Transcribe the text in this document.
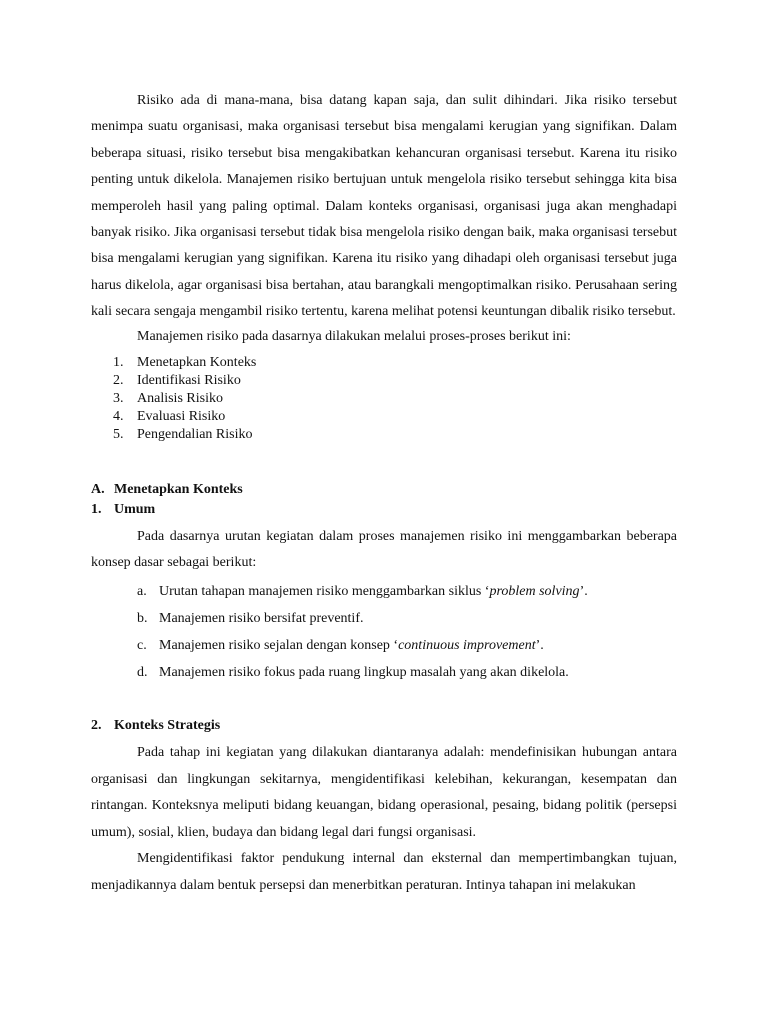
Risiko ada di mana-mana, bisa datang kapan saja, dan sulit dihindari. Jika risiko tersebut menimpa suatu organisasi, maka organisasi tersebut bisa mengalami kerugian yang signifikan. Dalam beberapa situasi, risiko tersebut bisa mengakibatkan kehancuran organisasi tersebut. Karena itu risiko penting untuk dikelola. Manajemen risiko bertujuan untuk mengelola risiko tersebut sehingga kita bisa memperoleh hasil yang paling optimal. Dalam konteks organisasi, organisasi juga akan menghadapi banyak risiko. Jika organisasi tersebut tidak bisa mengelola risiko dengan baik, maka organisasi tersebut bisa mengalami kerugian yang signifikan. Karena itu risiko yang dihadapi oleh organisasi tersebut juga harus dikelola, agar organisasi bisa bertahan, atau barangkali mengoptimalkan risiko. Perusahaan sering kali secara sengaja mengambil risiko tertentu, karena melihat potensi keuntungan dibalik risiko tersebut.

Manajemen risiko pada dasarnya dilakukan melalui proses-proses berikut ini:

1. Menetapkan Konteks
2. Identifikasi Risiko
3. Analisis Risiko
4. Evaluasi Risiko
5. Pengendalian Risiko

A. Menetapkan Konteks

1. Umum

Pada dasarnya urutan kegiatan dalam proses manajemen risiko ini menggambarkan beberapa konsep dasar sebagai berikut:

a. Urutan tahapan manajemen risiko menggambarkan siklus ‘problem solving’.
b. Manajemen risiko bersifat preventif.
c. Manajemen risiko sejalan dengan konsep ‘continuous improvement’.
d. Manajemen risiko fokus pada ruang lingkup masalah yang akan dikelola.

2. Konteks Strategis

Pada tahap ini kegiatan yang dilakukan diantaranya adalah: mendefinisikan hubungan antara organisasi dan lingkungan sekitarnya, mengidentifikasi kelebihan, kekurangan, kesempatan dan rintangan. Konteksnya meliputi bidang keuangan, bidang operasional, pesaing, bidang politik (persepsi umum), sosial, klien, budaya dan bidang legal dari fungsi organisasi.

Mengidentifikasi faktor pendukung internal dan eksternal dan mempertimbangkan tujuan, menjadikannya dalam bentuk persepsi dan menerbitkan peraturan. Intinya tahapan ini melakukan
